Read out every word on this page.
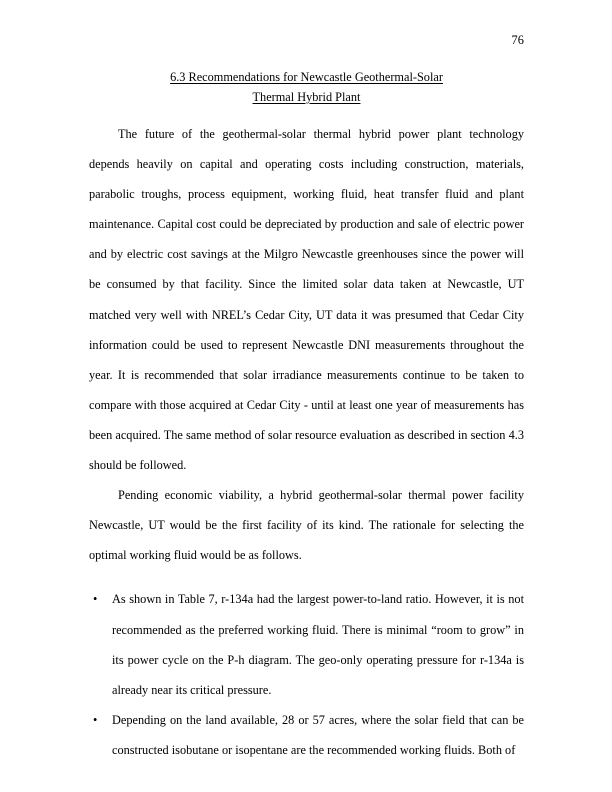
76
6.3 Recommendations for Newcastle Geothermal-Solar
Thermal Hybrid Plant

The future of the geothermal-solar thermal hybrid power plant technology depends heavily on capital and operating costs including construction, materials, parabolic troughs, process equipment, working fluid, heat transfer fluid and plant maintenance. Capital cost could be depreciated by production and sale of electric power and by electric cost savings at the Milgro Newcastle greenhouses since the power will be consumed by that facility. Since the limited solar data taken at Newcastle, UT matched very well with NREL’s Cedar City, UT data it was presumed that Cedar City information could be used to represent Newcastle DNI measurements throughout the year. It is recommended that solar irradiance measurements continue to be taken to compare with those acquired at Cedar City - until at least one year of measurements has been acquired. The same method of solar resource evaluation as described in section 4.3 should be followed.

Pending economic viability, a hybrid geothermal-solar thermal power facility Newcastle, UT would be the first facility of its kind. The rationale for selecting the optimal working fluid would be as follows.

• As shown in Table 7, r-134a had the largest power-to-land ratio. However, it is not recommended as the preferred working fluid. There is minimal “room to grow” in its power cycle on the P-h diagram. The geo-only operating pressure for r-134a is already near its critical pressure.
• Depending on the land available, 28 or 57 acres, where the solar field that can be constructed isobutane or isopentane are the recommended working fluids. Both of
